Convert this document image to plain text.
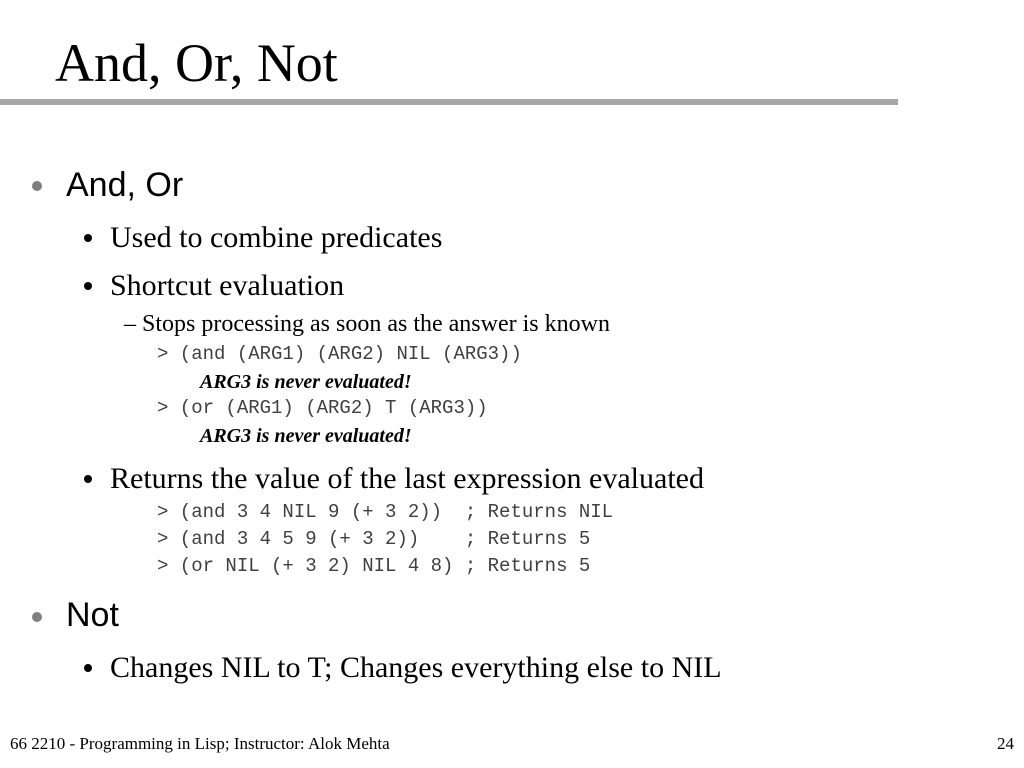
And, Or, Not
And, Or
Used to combine predicates
Shortcut evaluation
– Stops processing as soon as the answer is known
> (and (ARG1) (ARG2) NIL (ARG3))
ARG3 is never evaluated!
> (or (ARG1) (ARG2) T (ARG3))
ARG3 is never evaluated!
Returns the value of the last expression evaluated
> (and 3 4 NIL 9 (+ 3 2))  ; Returns NIL
> (and 3 4 5 9 (+ 3 2))    ; Returns 5
> (or NIL (+ 3 2) NIL 4 8) ; Returns 5
Not
Changes NIL to T; Changes everything else to NIL
66 2210 - Programming in Lisp; Instructor: Alok Mehta	24
